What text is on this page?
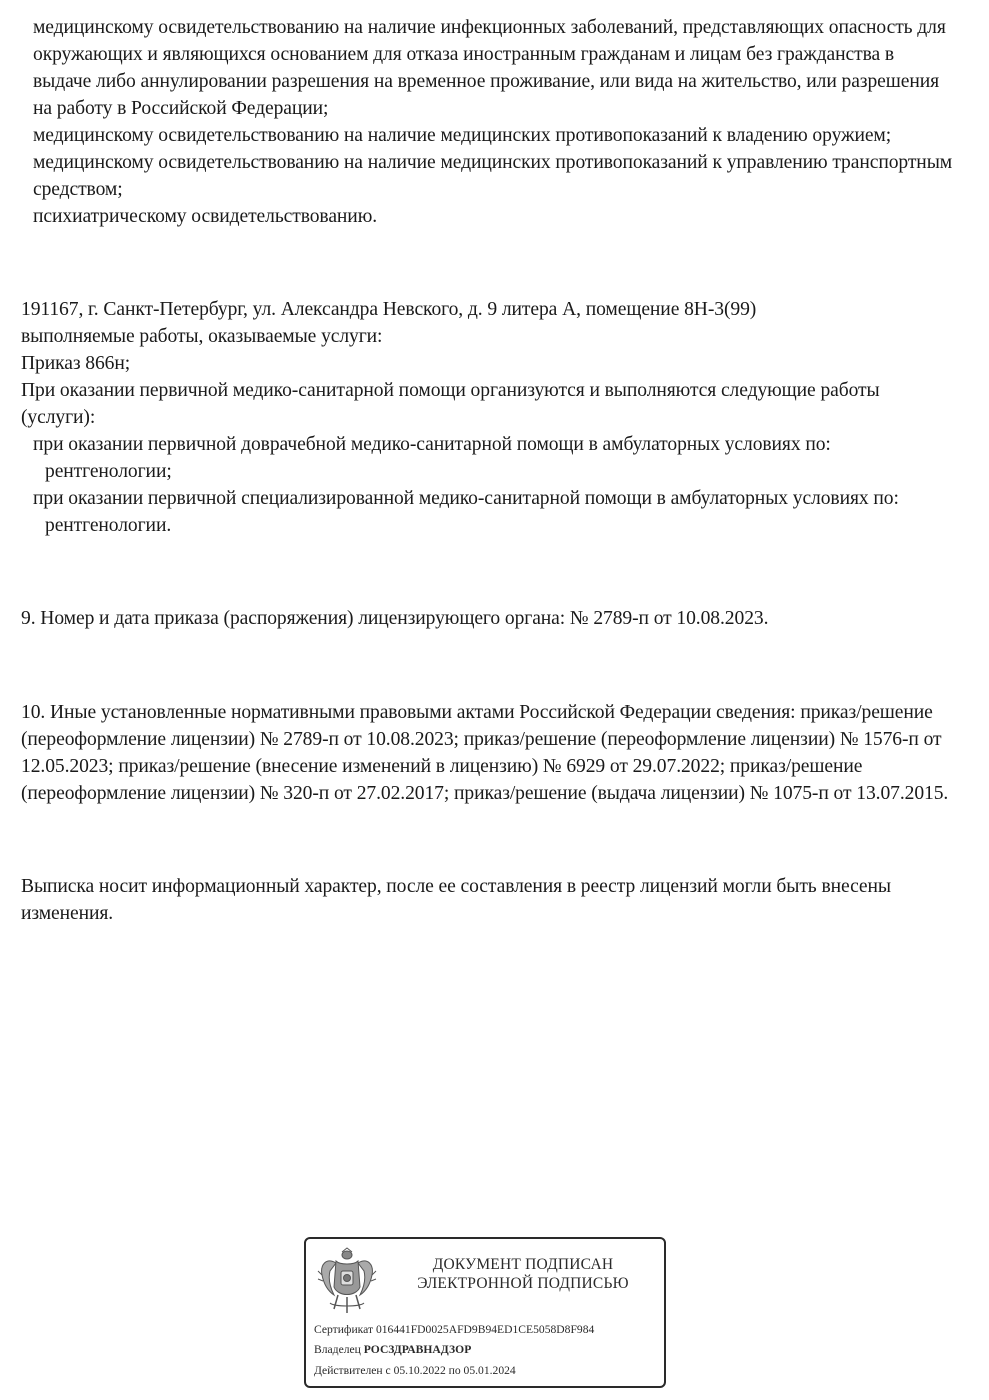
медицинскому освидетельствованию на наличие инфекционных заболеваний, представляющих опасность для окружающих и являющихся основанием для отказа иностранным гражданам и лицам без гражданства в выдаче либо аннулировании разрешения на временное проживание, или вида на жительство, или разрешения на работу в Российской Федерации;

медицинскому освидетельствованию на наличие медицинских противопоказаний к владению оружием;

медицинскому освидетельствованию на наличие медицинских противопоказаний к управлению транспортным средством;

психиатрическому освидетельствованию.

191167, г. Санкт-Петербург, ул. Александра Невского, д. 9 литера А, помещение 8Н-3(99)

выполняемые работы, оказываемые услуги:

Приказ 866н;

При оказании первичной медико-санитарной помощи организуются и выполняются следующие работы (услуги):

при оказании первичной доврачебной медико-санитарной помощи в амбулаторных условиях по:

рентгенологии;

при оказании первичной специализированной медико-санитарной помощи в амбулаторных условиях по:

рентгенологии.

9. Номер и дата приказа (распоряжения) лицензирующего органа: № 2789-п от 10.08.2023.

10. Иные установленные нормативными правовыми актами Российской Федерации сведения: приказ/решение (переоформление лицензии) № 2789-п от 10.08.2023; приказ/решение (переоформление лицензии) № 1576-п от 12.05.2023; приказ/решение (внесение изменений в лицензию) № 6929 от 29.07.2022; приказ/решение (переоформление лицензии) № 320-п от 27.02.2017; приказ/решение (выдача лицензии) № 1075-п от 13.07.2015.

Выписка носит информационный характер, после ее составления в реестр лицензий могли быть внесены изменения.

ДОКУМЕНТ ПОДПИСАН
ЭЛЕКТРОННОЙ ПОДПИСЬЮ
Сертификат 016441FD0025AFD9B94ED1CE5058D8F984
Владелец РОСЗДРАВНАДЗОР
Действителен с 05.10.2022 по 05.01.2024
